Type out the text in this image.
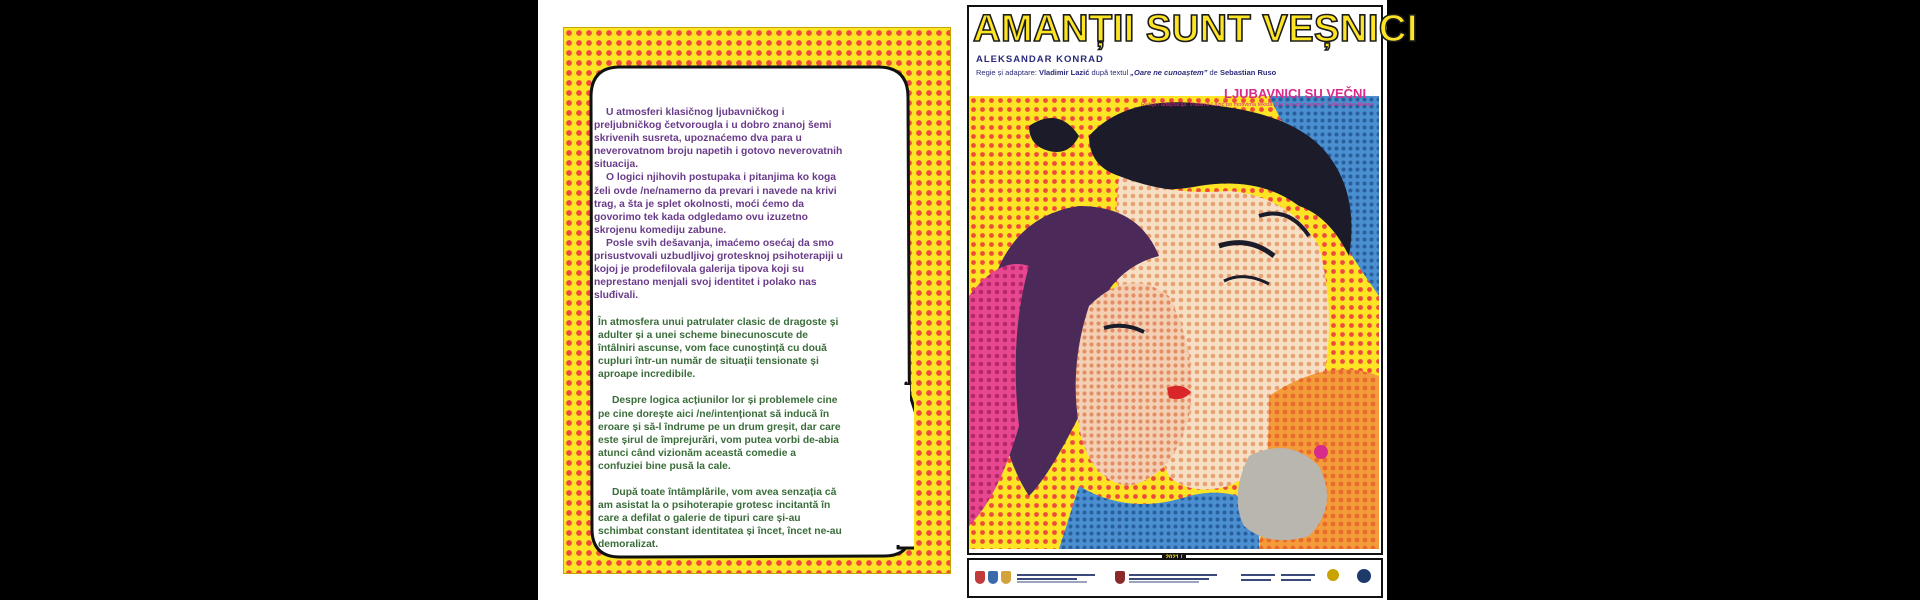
U atmosferi klasičnog ljubavničkog i preljubničkog četvorougla i u dobro znanoj šemi skrivenih susreta, upoznaćemo dva para u neverovatnom broju napetih i gotovo neverovatnih situacija.

O logici njihovih postupaka i pitanjima ko koga želi ovde /ne/namerno da prevari i navede na krivi trag, a šta je splet okolnosti, moći ćemo da govorimo tek kada odgledamo ovu izuzetno skrojenu komediju zabune.

Posle svih dešavanja, imaćemo osećaj da smo prisustvovali uzbudljivoj grotesknoj psihoterapiji u kojoj je prodefilovala galerija tipova koji su neprestano menjali svoj identitet i polako nas sluđivali.

În atmosfera unui patrulater clasic de dragoste și adulter și a unei scheme binecunoscute de întâlniri ascunse, vom face cunoștință cu două cupluri într-un număr de situații tensionate și aproape incredibile.

Despre logica acțiunilor lor și problemele cine pe cine dorește aici /ne/intenționat să inducă în eroare și să-l îndrume pe un drum greșit, dar care este șirul de împrejurări, vom putea vorbi de-abia atunci când vizionăm această comedie a confuziei bine pusă la cale.

După toate întâmplările, vom avea senzația că am asistat la o psihoterapie grotesc incitantă în care a defilat o galerie de tipuri care și-au schimbat constant identitatea și încet, încet ne-au demoralizat.

AMANȚII SUNT VEȘNICI
ALEKSANDAR KONRAD
Regie și adaptare: Vladimir Lazić după textul „Oare ne cunoaștem” de Sebastian Ruso
LJUBAVNICI SU VEČNI
Režija i adaptacija: Vladimir Lazić po motivima teksta „Da li se poznajemo” Sebastijana Rusoa
